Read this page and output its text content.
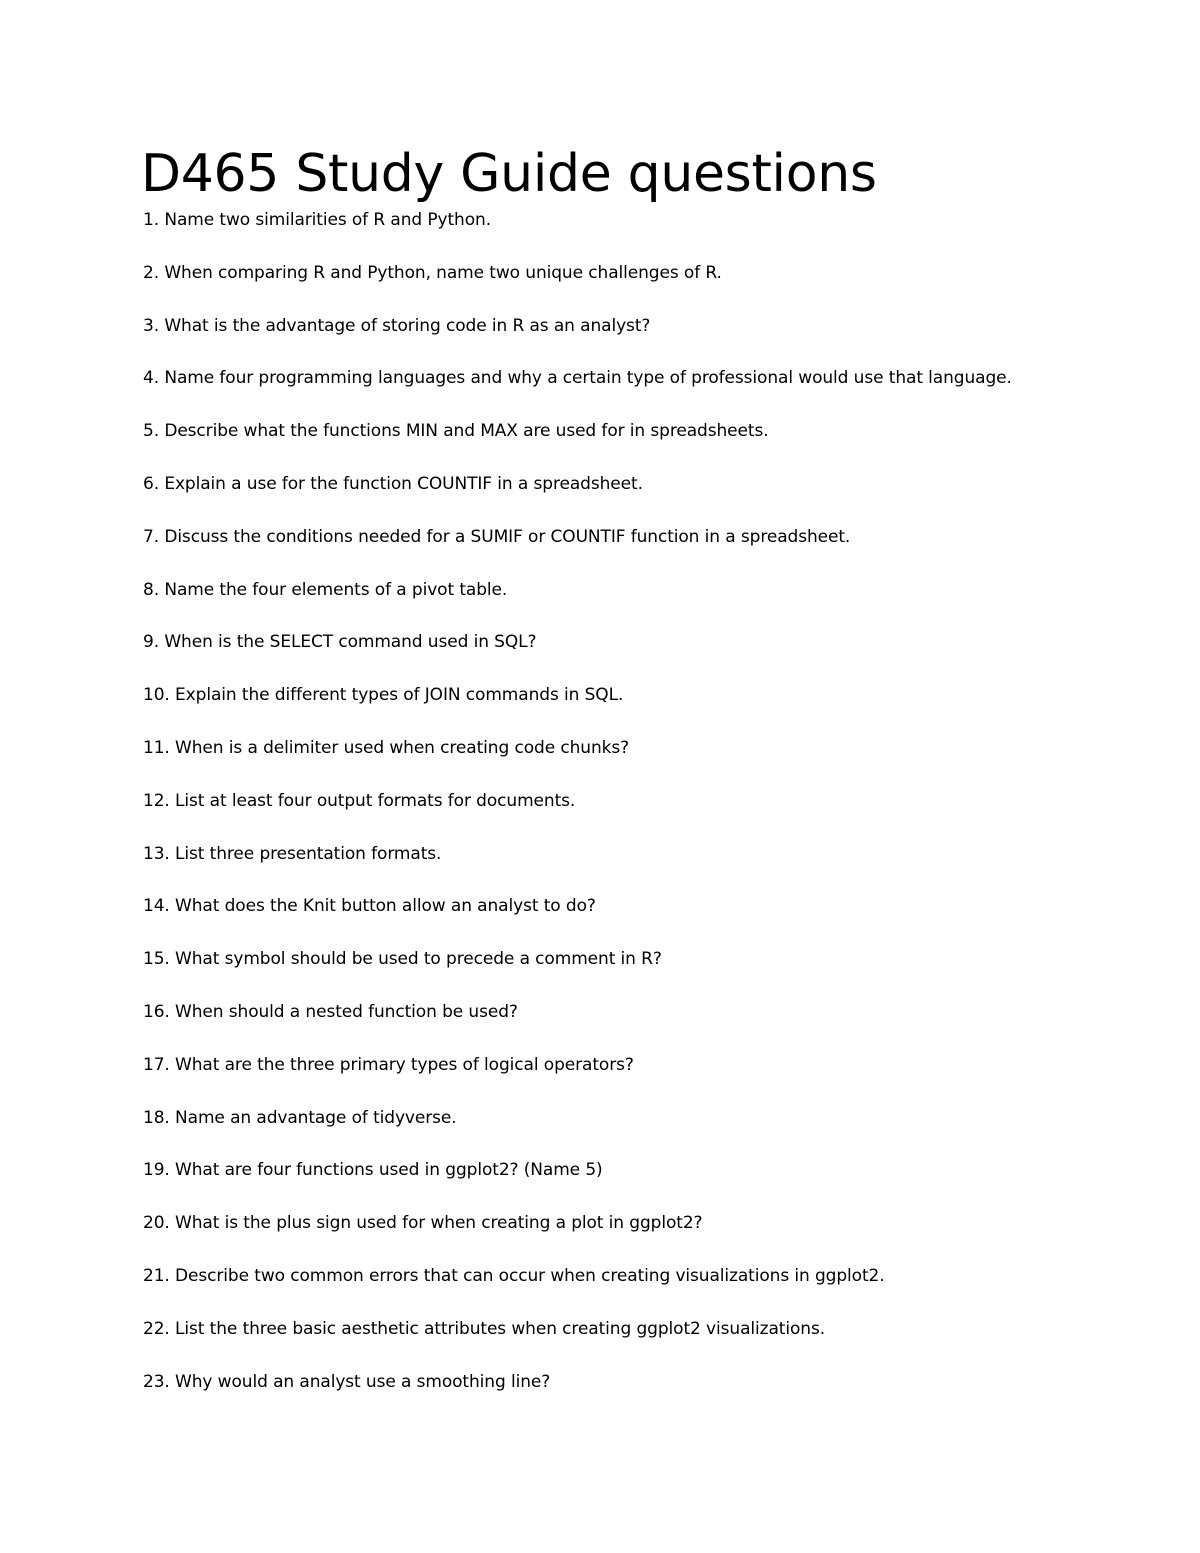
D465 Study Guide questions
1. Name two similarities of R and Python.
2. When comparing R and Python, name two unique challenges of R.
3. What is the advantage of storing code in R as an analyst?
4. Name four programming languages and why a certain type of professional would use that language.
5. Describe what the functions MIN and MAX are used for in spreadsheets.
6. Explain a use for the function COUNTIF in a spreadsheet.
7. Discuss the conditions needed for a SUMIF or COUNTIF function in a spreadsheet.
8. Name the four elements of a pivot table.
9. When is the SELECT command used in SQL?
10. Explain the different types of JOIN commands in SQL.
11. When is a delimiter used when creating code chunks?
12. List at least four output formats for documents.
13. List three presentation formats.
14. What does the Knit button allow an analyst to do?
15. What symbol should be used to precede a comment in R?
16. When should a nested function be used?
17. What are the three primary types of logical operators?
18. Name an advantage of tidyverse.
19. What are four functions used in ggplot2? (Name 5)
20. What is the plus sign used for when creating a plot in ggplot2?
21. Describe two common errors that can occur when creating visualizations in ggplot2.
22. List the three basic aesthetic attributes when creating ggplot2 visualizations.
23. Why would an analyst use a smoothing line?
